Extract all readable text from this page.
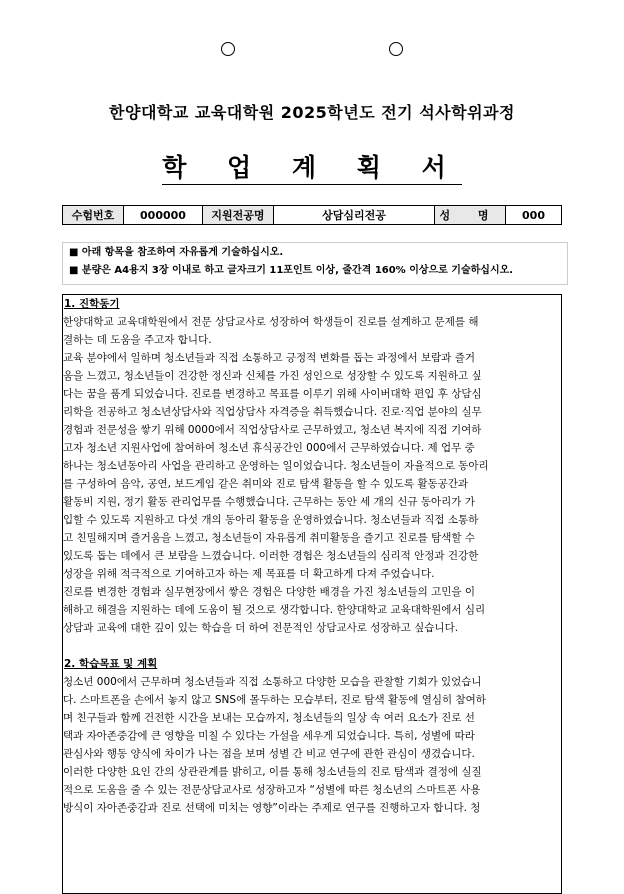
한양대학교 교육대학원 2025학년도 전기 석사학위과정
학 업 계 획 서
수험번호	000000	지원전공명	상담심리전공	성 명	000
■ 아래 항목을 참조하여 자유롭게 기술하십시오.
■ 분량은 A4용지 3장 이내로 하고 글자크기 11포인트 이상, 줄간격 160% 이상으로 기술하십시오.
1. 진학동기
한양대학교 교육대학원에서 전문 상담교사로 성장하여 학생들이 진로를 설계하고 문제를 해
결하는 데 도움을 주고자 합니다.
교육 분야에서 일하며 청소년들과 직접 소통하고 긍정적 변화를 돕는 과정에서 보람과 즐거
움을 느꼈고, 청소년들이 건강한 정신과 신체를 가진 성인으로 성장할 수 있도록 지원하고 싶
다는 꿈을 품게 되었습니다. 진로를 변경하고 목표를 이루기 위해 사이버대학 편입 후 상담심
리학을 전공하고 청소년상담사와 직업상담사 자격증을 취득했습니다. 진로·직업 분야의 실무
경험과 전문성을 쌓기 위해 0000에서 직업상담사로 근무하였고, 청소년 복지에 직접 기여하
고자 청소년 지원사업에 참여하여 청소년 휴식공간인 000에서 근무하였습니다. 제 업무 중
하나는 청소년동아리 사업을 관리하고 운영하는 일이었습니다. 청소년들이 자율적으로 동아리
를 구성하여 음악, 공연, 보드게임 같은 취미와 진로 탐색 활동을 할 수 있도록 활동공간과
활동비 지원, 정기 활동 관리업무를 수행했습니다. 근무하는 동안 세 개의 신규 동아리가 가
입할 수 있도록 지원하고 다섯 개의 동아리 활동을 운영하였습니다. 청소년들과 직접 소통하
고 친밀해지며 즐거움을 느꼈고, 청소년들이 자유롭게 취미활동을 즐기고 진로를 탐색할 수
있도록 돕는 데에서 큰 보람을 느꼈습니다. 이러한 경험은 청소년들의 심리적 안정과 건강한
성장을 위해 적극적으로 기여하고자 하는 제 목표를 더 확고하게 다져 주었습니다.
진로를 변경한 경험과 실무현장에서 쌓은 경험은 다양한 배경을 가진 청소년들의 고민을 이
해하고 해결을 지원하는 데에 도움이 될 것으로 생각합니다. 한양대학교 교육대학원에서 심리
상담과 교육에 대한 깊이 있는 학습을 더 하여 전문적인 상담교사로 성장하고 싶습니다.
2. 학습목표 및 계획
청소년 000에서 근무하며 청소년들과 직접 소통하고 다양한 모습을 관찰할 기회가 있었습니
다. 스마트폰을 손에서 놓지 않고 SNS에 몰두하는 모습부터, 진로 탐색 활동에 열심히 참여하
며 친구들과 함께 건전한 시간을 보내는 모습까지, 청소년들의 일상 속 여러 요소가 진로 선
택과 자아존중감에 큰 영향을 미칠 수 있다는 가설을 세우게 되었습니다. 특히, 성별에 따라
관심사와 행동 양식에 차이가 나는 점을 보며 성별 간 비교 연구에 관한 관심이 생겼습니다.
이러한 다양한 요인 간의 상관관계를 밝히고, 이를 통해 청소년들의 진로 탐색과 결정에 실질
적으로 도움을 줄 수 있는 전문상담교사로 성장하고자 “성별에 따른 청소년의 스마트폰 사용
방식이 자아존중감과 진로 선택에 미치는 영향”이라는 주제로 연구를 진행하고자 합니다. 청
